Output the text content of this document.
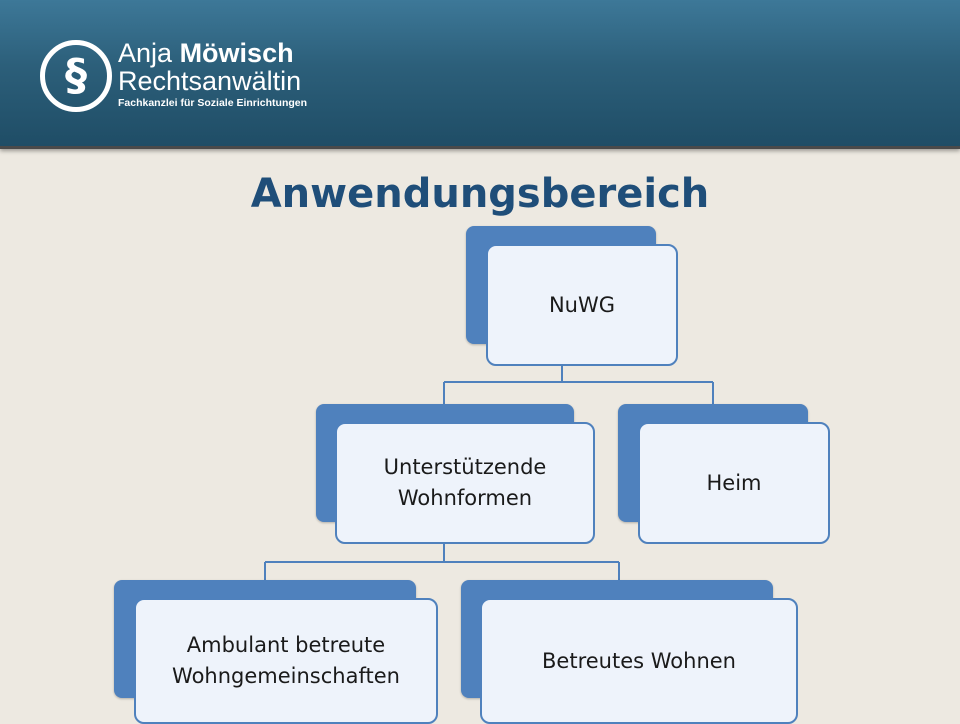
§	Anja Möwisch
Rechtsanwältin
Fachkanzlei für Soziale Einrichtungen
Anwendungsbereich
NuWG
Unterstützende Wohnformen
Heim
Ambulant betreute Wohngemeinschaften
Betreutes Wohnen
